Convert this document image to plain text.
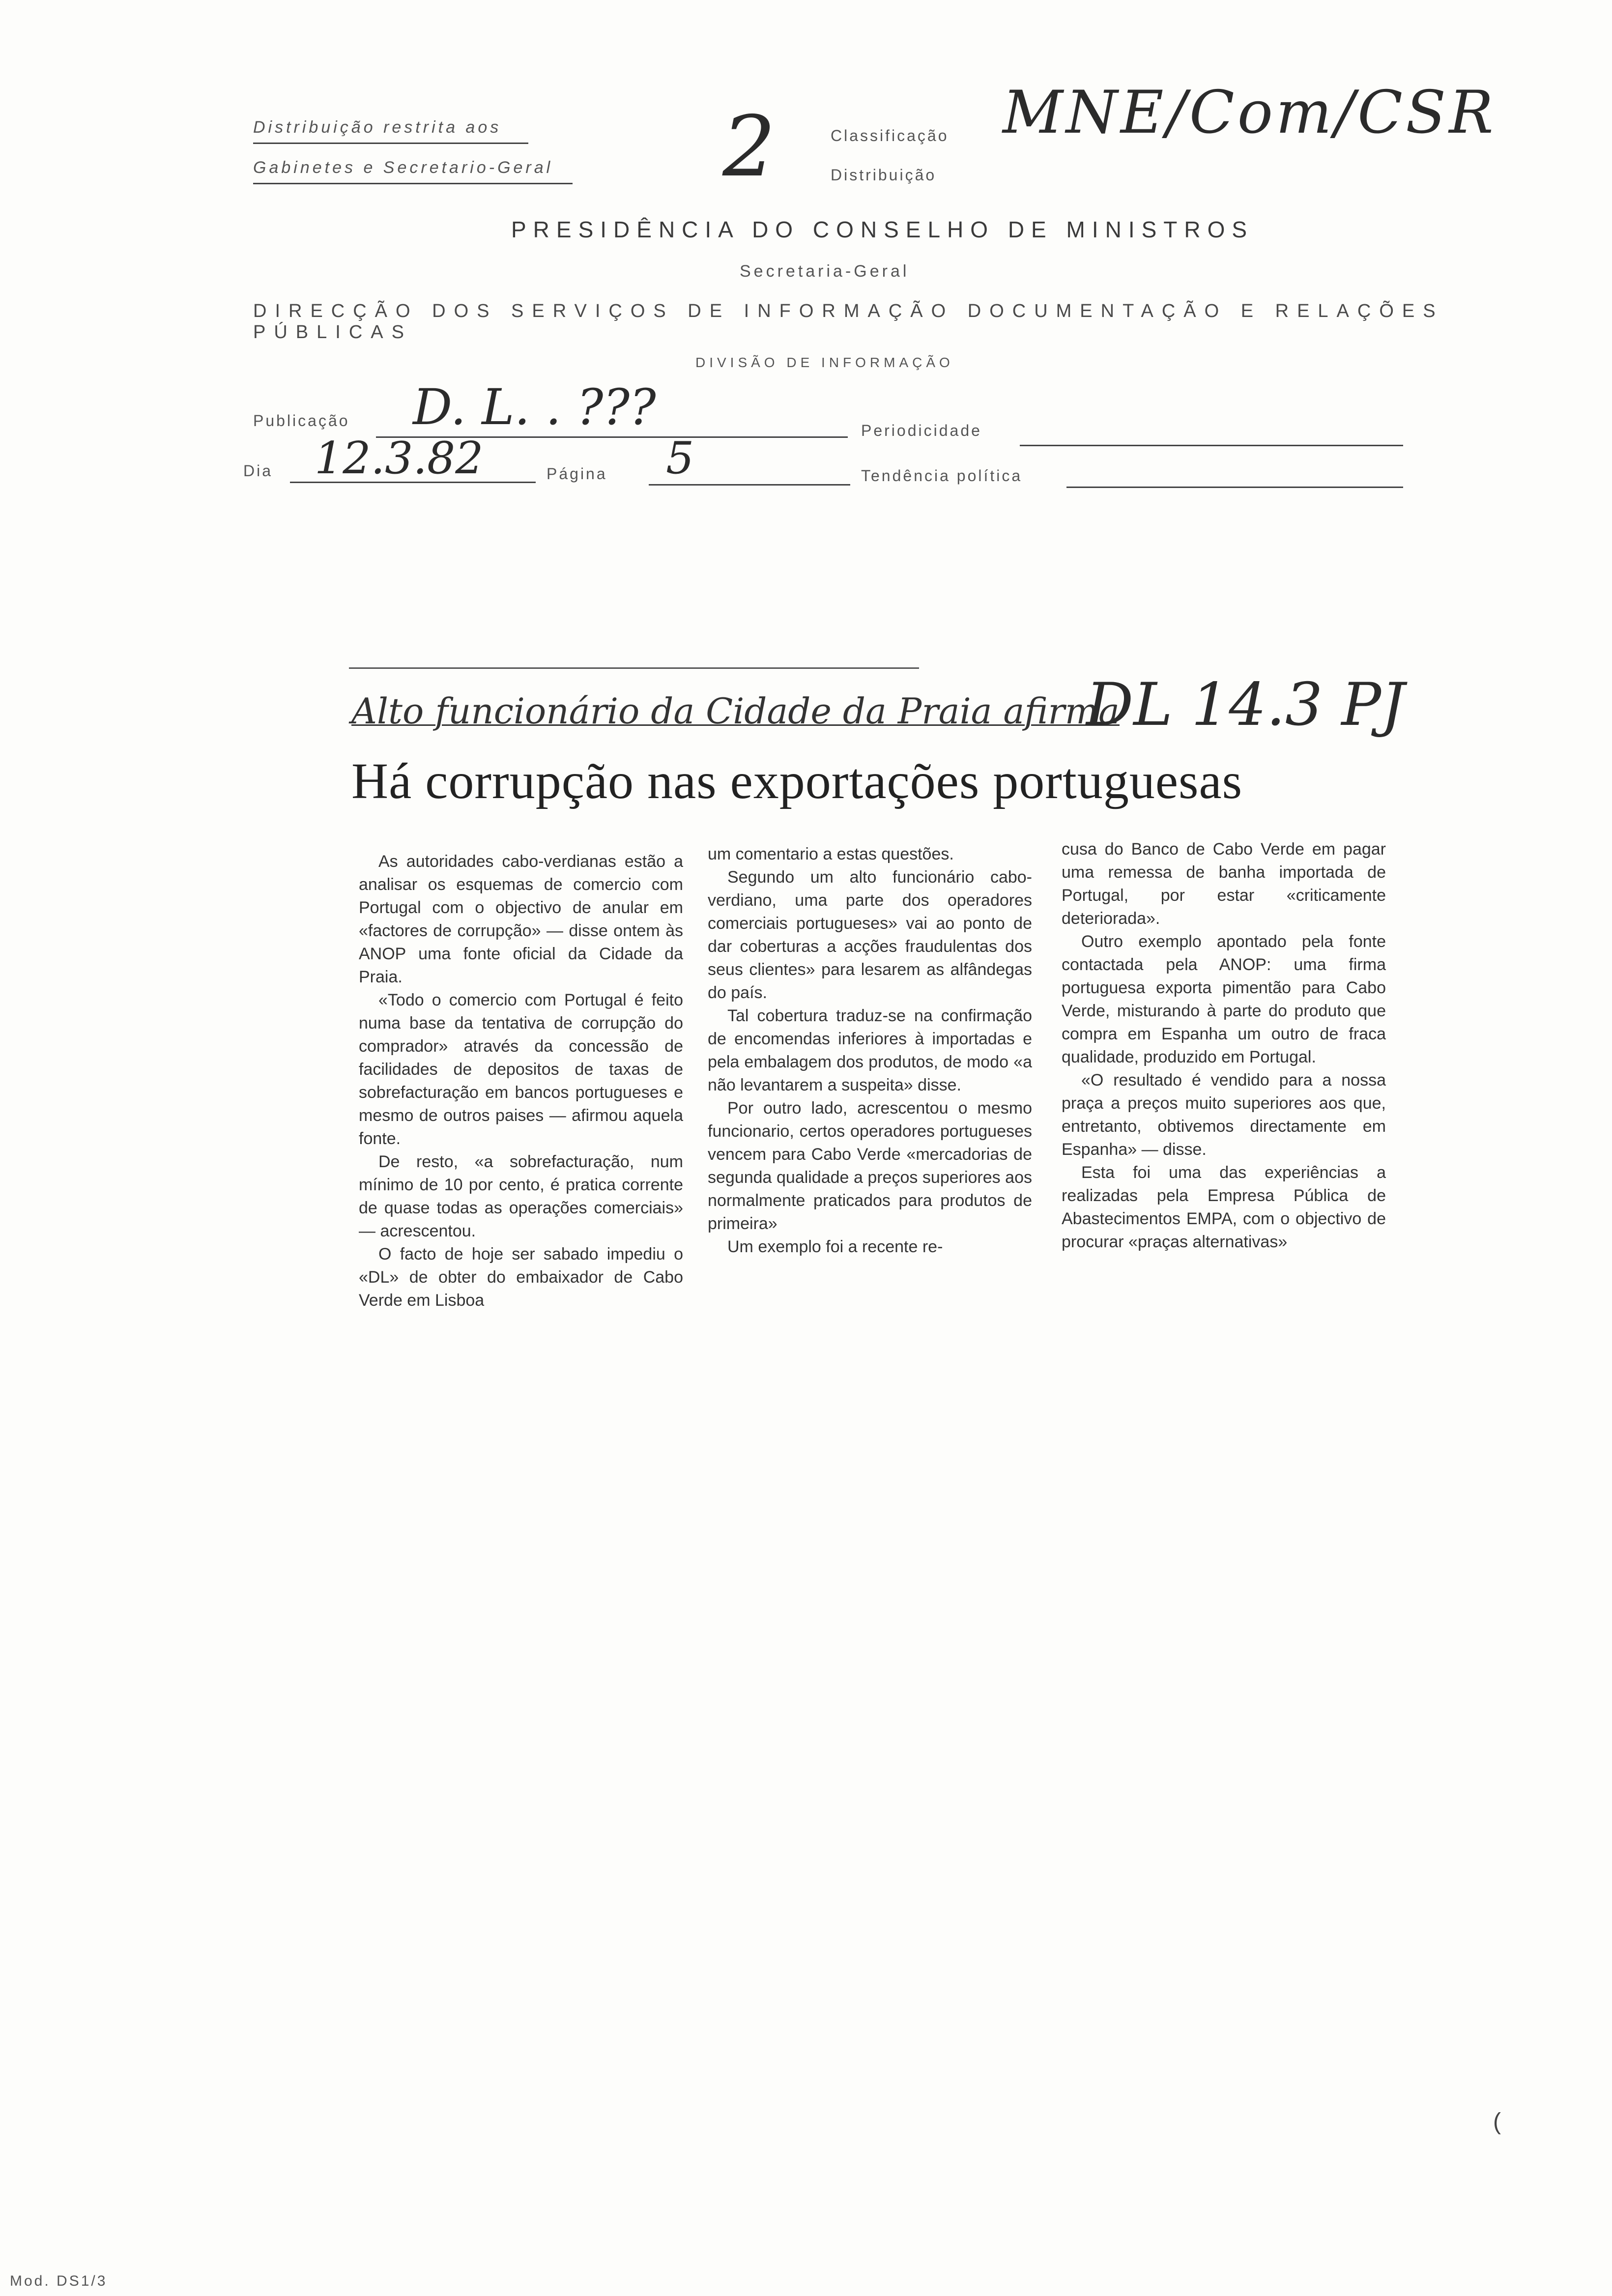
Distribuição restrita aos
Gabinetes e Secretario-Geral 2	Classificação
Distribuição
MNE/Com/CSR
PRESIDÊNCIA DO CONSELHO DE MINISTROS
Secretaria-Geral
DIRECÇÃO DOS SERVIÇOS DE INFORMAÇÃO DOCUMENTAÇÃO E RELAÇÕES PÚBLICAS
DIVISÃO DE INFORMAÇÃO
Publicação D. L. . ???	Periodicidade
Dia 12.3.82	Página 5	Tendência política
Alto funcionário da Cidade da Praia afirma
DL 14.3 PJ
Há corrupção nas exportações portuguesas

As autoridades cabo-verdianas estão a analisar os esquemas de comercio com Portugal com o objectivo de anular em «factores de corrupção» — disse ontem às ANOP uma fonte oficial da Cidade da Praia.

«Todo o comercio com Portugal é feito numa base da tentativa de corrupção do comprador» através da concessão de facilidades de depositos de taxas de sobrefacturação em bancos portugueses e mesmo de outros paises — afirmou aquela fonte.

De resto, «a sobrefacturação, num mínimo de 10 por cento, é pratica corrente de quase todas as operações comerciais» — acrescentou.

O facto de hoje ser sabado impediu o «DL» de obter do embaixador de Cabo Verde em Lisboa

um comentario a estas questões.

Segundo um alto funcionário cabo-verdiano, uma parte dos operadores comerciais portugueses» vai ao ponto de dar coberturas a acções fraudulentas dos seus clientes» para lesarem as alfândegas do país.

Tal cobertura traduz-se na confirmação de encomendas inferiores à importadas e pela embalagem dos produtos, de modo «a não levantarem a suspeita» disse.

Por outro lado, acrescentou o mesmo funcionario, certos operadores portugueses vencem para Cabo Verde «mercadorias de segunda qualidade a preços superiores aos normalmente praticados para produtos de primeira»

Um exemplo foi a recente re-

cusa do Banco de Cabo Verde em pagar uma remessa de banha importada de Portugal, por estar «criticamente deteriorada».

Outro exemplo apontado pela fonte contactada pela ANOP: uma firma portuguesa exporta pimentão para Cabo Verde, misturando à parte do produto que compra em Espanha um outro de fraca qualidade, produzido em Portugal.

«O resultado é vendido para a nossa praça a preços muito superiores aos que, entretanto, obtivemos directamente em Espanha» — disse.

Esta foi uma das experiências a realizadas pela Empresa Pública de Abastecimentos EMPA, com o objectivo de procurar «praças alternativas»

(
Mod. DS1/3
